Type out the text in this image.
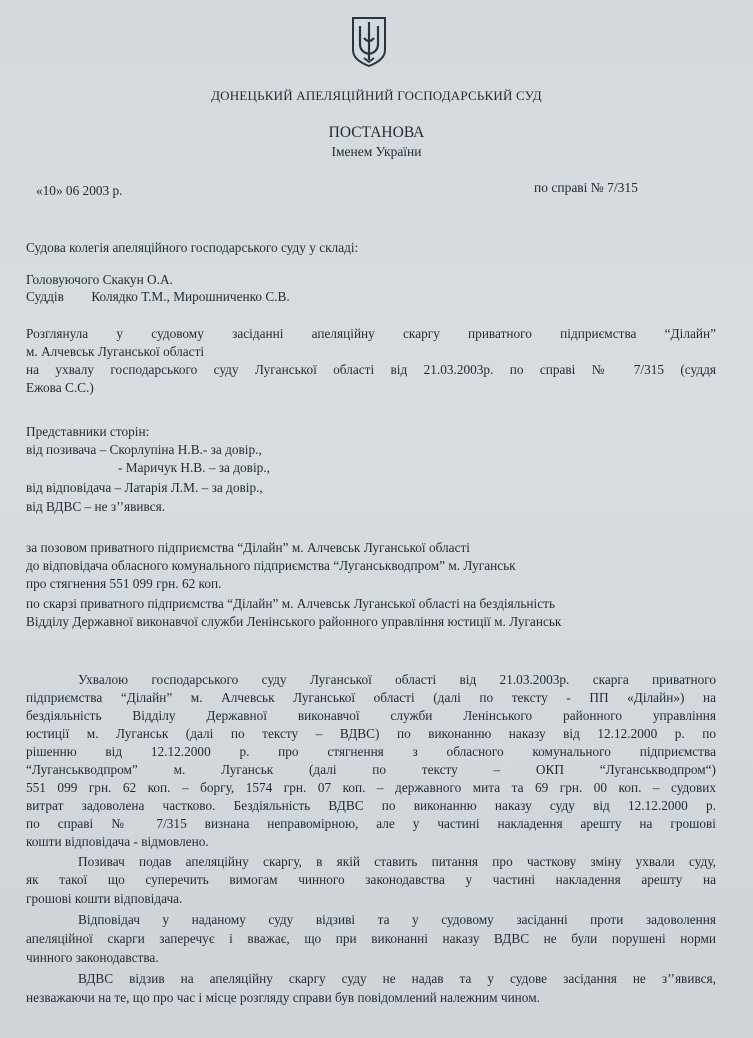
ДОНЕЦЬКИЙ АПЕЛЯЦІЙНИЙ ГОСПОДАРСЬКИЙ СУД
ПОСТАНОВА
Іменем України
«10» 06 2003 р.	по справі № 7/315
Судова колегія апеляційного господарського суду у складі:
Головуючого Скакун О.А.
Суддів Колядко Т.М., Мирошниченко С.В.
Розглянула у судовому засіданні апеляційну скаргу приватного підприємства “Ділайн”
м. Алчевськ Луганської області
на ухвалу господарського суду Луганської області від 21.03.2003р. по справі № 7/315 (суддя
Ежова С.С.)
Представники сторін:
від позивача – Скорлупіна Н.В.- за довір.,
- Маричук Н.В. – за довір.,
від відповідача – Латарія Л.М. – за довір.,
від ВДВС – не з’’явився.
за позовом приватного підприємства “Ділайн” м. Алчевськ Луганської області
до відповідача обласного комунального підприємства “Луганськводпром” м. Луганськ
про стягнення 551 099 грн. 62 коп.
по скарзі приватного підприємства “Ділайн” м. Алчевськ Луганської області на бездіяльність
Відділу Державної виконавчої служби Ленінського районного управління юстиції м. Луганськ
Ухвалою господарського суду Луганської області від 21.03.2003р. скарга приватного
підприємства “Ділайн” м. Алчевськ Луганської області (далі по тексту - ПП «Ділайн») на
бездіяльність Відділу Державної виконавчої служби Ленінського районного управління
юстиції м. Луганськ (далі по тексту – ВДВС) по виконанню наказу від 12.12.2000 р. по
рішенню від 12.12.2000 р. про стягнення з обласного комунального підприємства
“Луганськводпром” м. Луганськ (далі по тексту – ОКП “Луганськводпром“)
551 099 грн. 62 коп. – боргу, 1574 грн. 07 коп. – державного мита та 69 грн. 00 коп. – судових
витрат задоволена частково. Бездіяльність ВДВС по виконанню наказу суду від 12.12.2000 р.
по справі № 7/315 визнана неправомірною, але у частині накладення арешту на грошові
кошти відповідача - відмовлено.
Позивач подав апеляційну скаргу, в якій ставить питання про часткову зміну ухвали суду,
як такої що суперечить вимогам чинного законодавства у частині накладення арешту на
грошові кошти відповідача.
Відповідач у наданому суду відзиві та у судовому засіданні проти задоволення
апеляційної скарги заперечує і вважає, що при виконанні наказу ВДВС не були порушені норми
чинного законодавства.
ВДВС відзив на апеляційну скаргу суду не надав та у судове засідання не з’’явився,
незважаючи на те, що про час і місце розгляду справи був повідомлений належним чином.
